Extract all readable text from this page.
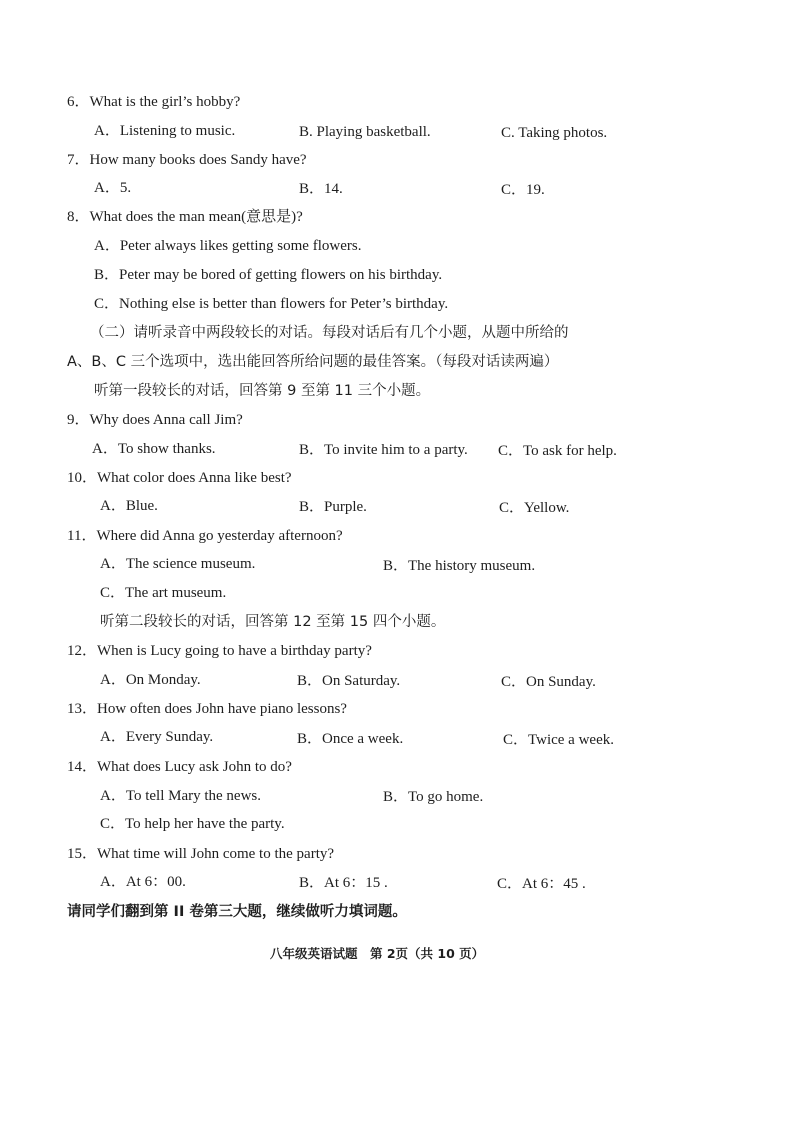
6．What is the girl’s hobby?
A．Listening to music.	B. Playing basketball.	C. Taking photos.
7．How many books does Sandy have?
A．5.	B．14.	C．19.
8．What does the man mean(意思是)?
A．Peter always likes getting some flowers.
B．Peter may be bored of getting flowers on his birthday.
C．Nothing else is better than flowers for Peter’s birthday.
（二）请听录音中两段较长的对话。每段对话后有几个小题，从题中所给的
A、B、C 三个选项中，选出能回答所给问题的最佳答案。（每段对话读两遍）
听第一段较长的对话，回答第 9 至第 11 三个小题。
9．Why does Anna call Jim?
A．To show thanks.	B．To invite him to a party. C．To ask for help.
10．What color does Anna like best?
A．Blue.	B．Purple.	C．Yellow.
11．Where did Anna go yesterday afternoon?
A．The science museum.	B．The history museum.
C．The art museum.
听第二段较长的对话，回答第 12 至第 15 四个小题。
12．When is Lucy going to have a birthday party?
A．On Monday.	B．On Saturday.	C．On Sunday.
13．How often does John have piano lessons?
A．Every Sunday.	B．Once a week.	C．Twice a week.
14．What does Lucy ask John to do?
A．To tell Mary the news.	B．To go home.
C．To help her have the party.
15．What time will John come to the party?
A．At 6：00.	B．At 6：15 .	C．At 6：45 .
请同学们翻到第 II 卷第三大题，继续做听力填词题。
八年级英语试题　第 2页（共 10 页）
